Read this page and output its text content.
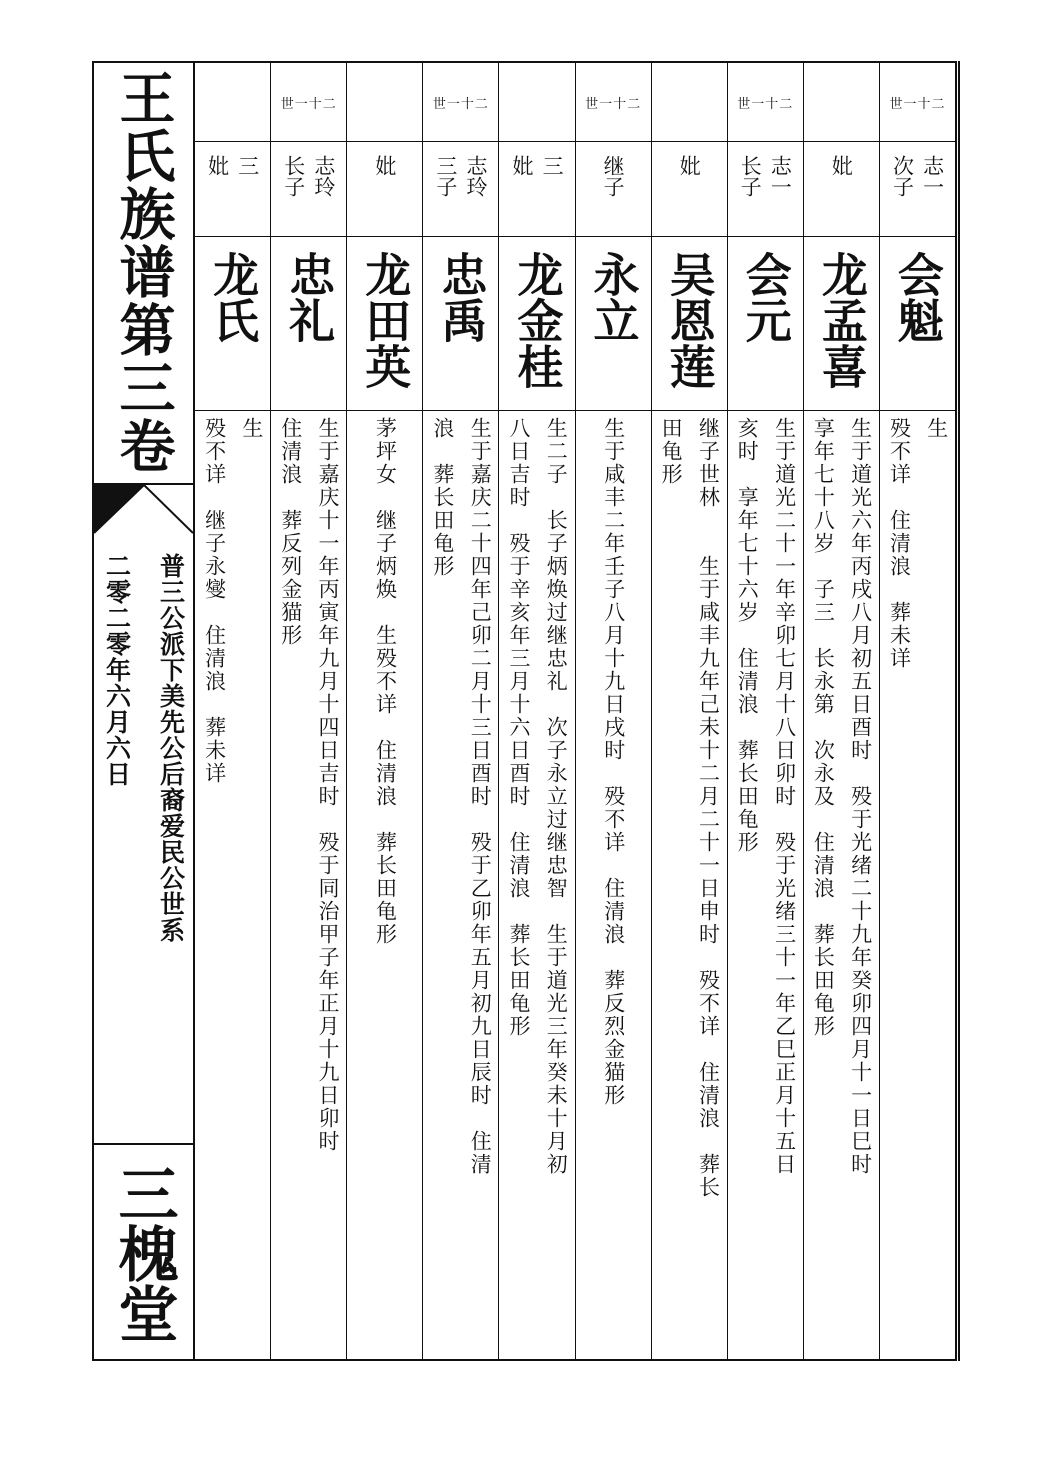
王氏族谱第三卷
普三公派下美先公后裔爱民公世系
二零二零年六月六日
三槐堂
世一十二
志一
次子
会魁
生
殁不详　住清浪　葬未详
妣
龙孟喜
生于道光六年丙戌八月初五日酉时　殁于光绪二十九年癸卯四月十一日巳时
享年七十八岁　子三　长永第　次永及　住清浪　葬长田龟形
世一十二
志一
长子
会元
生于道光二十一年辛卯七月十八日卯时　殁于光绪三十一年乙巳正月十五日
亥时　享年七十六岁　住清浪　葬长田龟形
妣
吴恩莲
继子世林　　生于咸丰九年己未十二月二十一日申时　殁不详　住清浪　葬长
田龟形
世一十二
继子
永立
生于咸丰二年壬子八月十九日戌时　殁不详　住清浪　葬反烈金猫形
三
妣
龙金桂
生二子　长子炳焕过继忠礼　次子永立过继忠智　生于道光三年癸未十月初
八日吉时　殁于辛亥年三月十六日酉时　住清浪　葬长田龟形
世一十二
志玲
三子
忠禹
生于嘉庆二十四年己卯二月十三日酉时　殁于乙卯年五月初九日辰时　住清
浪　葬长田龟形
妣
龙田英
茅坪女　继子炳焕　生殁不详　住清浪　葬长田龟形
世一十二
志玲
长子
忠礼
生于嘉庆十一年丙寅年九月十四日吉时　殁于同治甲子年正月十九日卯时
住清浪　葬反列金猫形
三
妣
龙氏
生
殁不详　继子永燮　住清浪　葬未详
